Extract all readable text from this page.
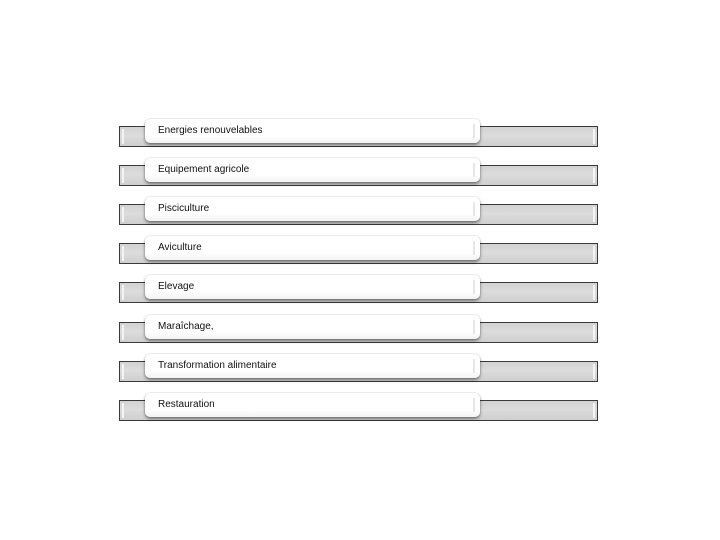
Energies renouvelables
Equipement agricole
Pisciculture
Aviculture
Elevage
Maraîchage,
Transformation alimentaire
Restauration
